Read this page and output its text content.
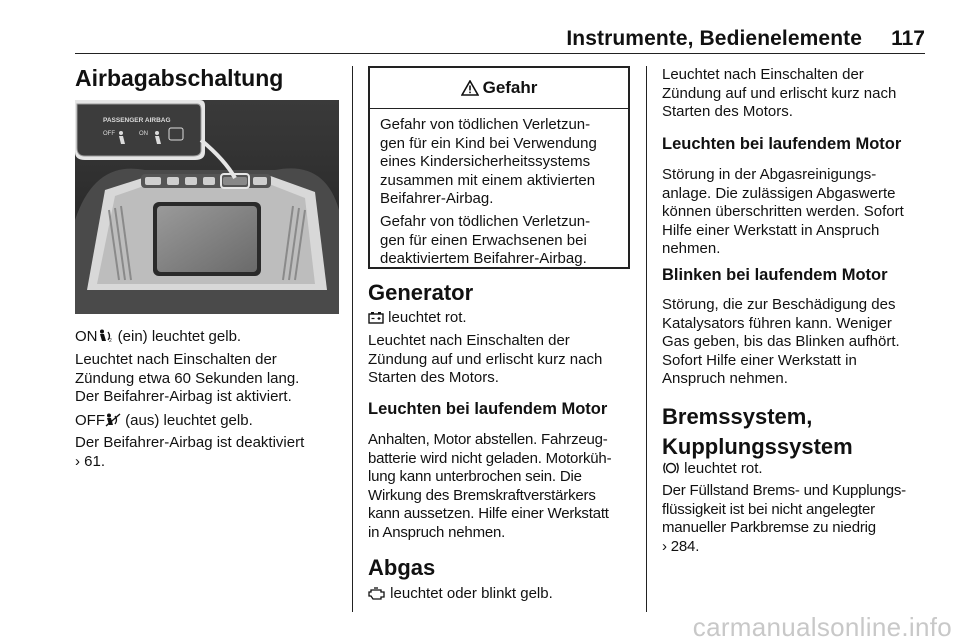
Instrumente, Bedienelemente 117
Airbagabschaltung
PASSENGER AIRBAG
OFF	ON
ON 2 (ein) leuchtet gelb.
Leuchtet nach Einschalten der
Zündung etwa 60 Sekunden lang.
Der Beifahrer-Airbag ist aktiviert.
OFF (aus) leuchtet gelb.
Der Beifahrer-Airbag ist deaktiviert
› 61.
Gefahr
Gefahr von tödlichen Verletzun-
gen für ein Kind bei Verwendung
eines Kindersicherheitssystems
zusammen mit einem aktivierten
Beifahrer-Airbag.
Gefahr von tödlichen Verletzun-
gen für einen Erwachsenen bei
deaktiviertem Beifahrer-Airbag.
Generator
leuchtet rot.
Leuchtet nach Einschalten der
Zündung auf und erlischt kurz nach
Starten des Motors.
Leuchten bei laufendem Motor
Anhalten, Motor abstellen. Fahrzeug-
batterie wird nicht geladen. Motorküh-
lung kann unterbrochen sein. Die
Wirkung des Bremskraftverstärkers
kann aussetzen. Hilfe einer Werkstatt
in Anspruch nehmen.
Abgas
leuchtet oder blinkt gelb.
Leuchtet nach Einschalten der
Zündung auf und erlischt kurz nach
Starten des Motors.
Leuchten bei laufendem Motor
Störung in der Abgasreinigungs-
anlage. Die zulässigen Abgaswerte
können überschritten werden. Sofort
Hilfe einer Werkstatt in Anspruch
nehmen.
Blinken bei laufendem Motor
Störung, die zur Beschädigung des
Katalysators führen kann. Weniger
Gas geben, bis das Blinken aufhört.
Sofort Hilfe einer Werkstatt in
Anspruch nehmen.
Bremssystem,
Kupplungssystem
leuchtet rot.
Der Füllstand Brems- und Kupplungs-
flüssigkeit ist bei nicht angelegter
manueller Parkbremse zu niedrig
› 284.
carmanualsonline.info
